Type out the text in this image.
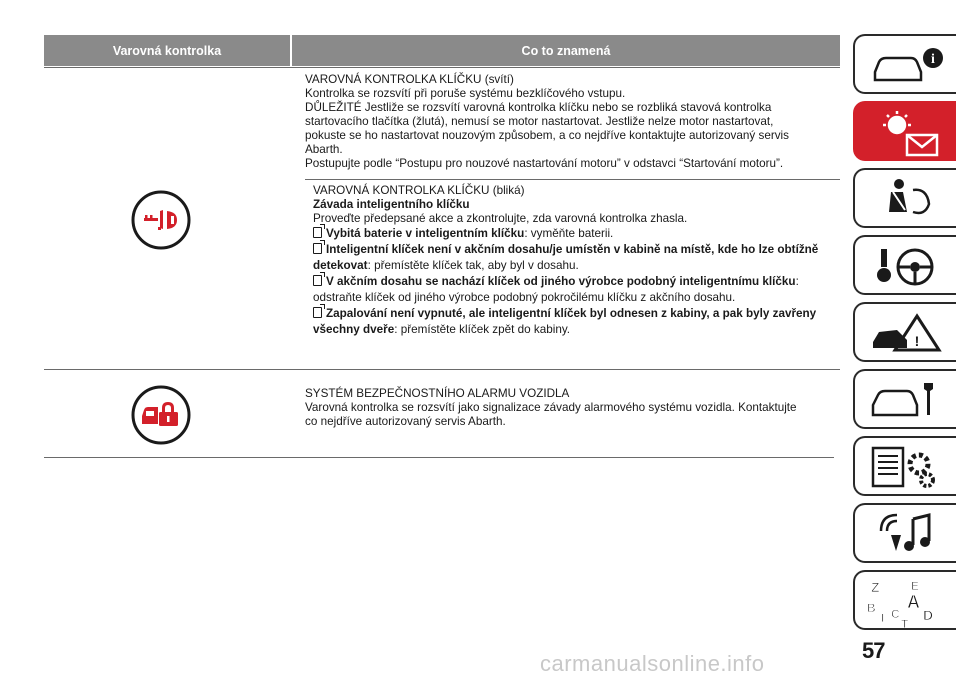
Varovná kontrolka	Co to znamená

VAROVNÁ KONTROLKA KLÍČKU (svítí)

Kontrolka se rozsvítí při poruše systému bezklíčového vstupu.

DŮLEŽITÉ Jestliže se rozsvítí varovná kontrolka klíčku nebo se rozbliká stavová kontrolka

startovacího tlačítka (žlutá), nemusí se motor nastartovat. Jestliže nelze motor nastartovat,

pokuste se ho nastartovat nouzovým způsobem, a co nejdříve kontaktujte autorizovaný servis

Abarth.

Postupujte podle “Postupu pro nouzové nastartování motoru” v odstavci “Startování motoru”.

VAROVNÁ KONTROLKA KLÍČKU (bliká)

Závada inteligentního klíčku

Proveďte předepsané akce a zkontrolujte, zda varovná kontrolka zhasla.

Vybitá baterie v inteligentním klíčku: vyměňte baterii.

Inteligentní klíček není v akčním dosahu/je umístěn v kabině na místě, kde ho lze obtížně detekovat: přemístěte klíček tak, aby byl v dosahu.

V akčním dosahu se nachází klíček od jiného výrobce podobný inteligentnímu klíčku: odstraňte klíček od jiného výrobce podobný pokročilému klíčku z akčního dosahu.

Zapalování není vypnuté, ale inteligentní klíček byl odnesen z kabiny, a pak byly zavřeny všechny dveře: přemístěte klíček zpět do kabiny.

SYSTÉM BEZPEČNOSTNÍHO ALARMU VOZIDLA

Varovná kontrolka se rozsvítí jako signalizace závady alarmového systému vozidla. Kontaktujte

co nejdříve autorizovaný servis Abarth.

i
!
Z	E
B A
I C D
T
57
carmanualsonline.info
